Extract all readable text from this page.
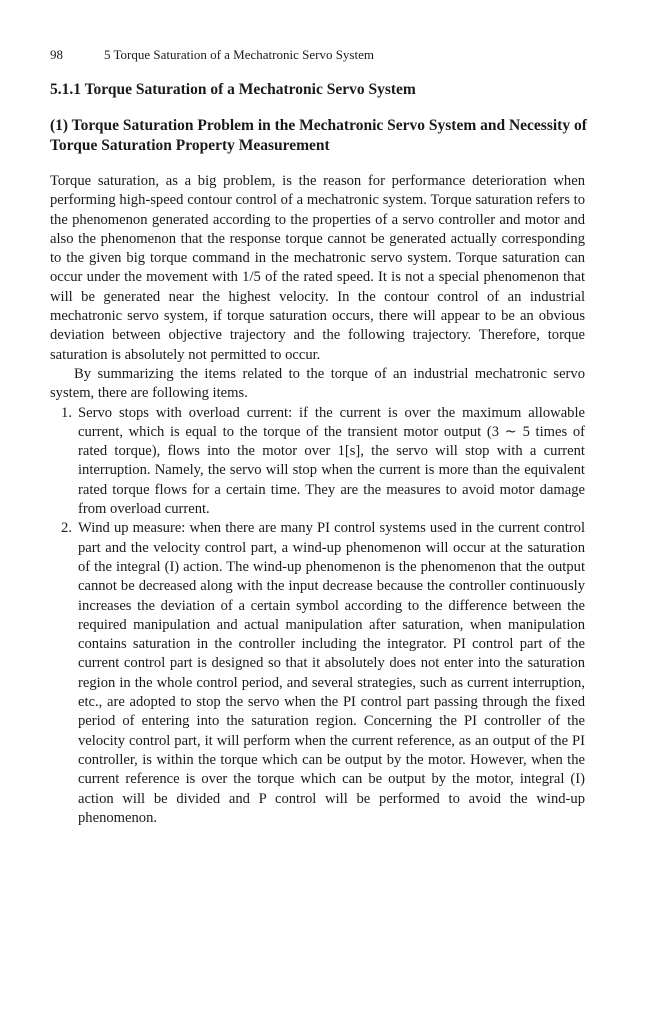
98	5 Torque Saturation of a Mechatronic Servo System
5.1.1 Torque Saturation of a Mechatronic Servo System
(1) Torque Saturation Problem in the Mechatronic Servo System and Necessity of Torque Saturation Property Measurement

Torque saturation, as a big problem, is the reason for performance deterioration when performing high-speed contour control of a mechatronic system. Torque saturation refers to the phenomenon generated according to the properties of a servo controller and motor and also the phenomenon that the response torque cannot be generated actually corresponding to the given big torque command in the mechatronic servo system. Torque saturation can occur under the movement with 1/5 of the rated speed. It is not a special phenomenon that will be generated near the highest velocity. In the contour control of an industrial mechatronic servo system, if torque saturation occurs, there will appear to be an obvious deviation between objective trajectory and the following trajectory. Therefore, torque saturation is absolutely not permitted to occur.

By summarizing the items related to the torque of an industrial mechatronic servo system, there are following items.

1. Servo stops with overload current: if the current is over the maximum allowable current, which is equal to the torque of the transient motor output (3 ∼ 5 times of rated torque), flows into the motor over 1[s], the servo will stop with a current interruption. Namely, the servo will stop when the current is more than the equivalent rated torque flows for a certain time. They are the measures to avoid motor damage from overload current.
2. Wind up measure: when there are many PI control systems used in the current control part and the velocity control part, a wind-up phenomenon will occur at the saturation of the integral (I) action. The wind-up phenomenon is the phenomenon that the output cannot be decreased along with the input decrease because the controller continuously increases the deviation of a certain symbol according to the difference between the required manipulation and actual manipulation after saturation, when manipulation contains saturation in the controller including the integrator. PI control part of the current control part is designed so that it absolutely does not enter into the saturation region in the whole control period, and several strategies, such as current interruption, etc., are adopted to stop the servo when the PI control part passing through the fixed period of entering into the saturation region. Concerning the PI controller of the velocity control part, it will perform when the current reference, as an output of the PI controller, is within the torque which can be output by the motor. However, when the current reference is over the torque which can be output by the motor, integral (I) action will be divided and P control will be performed to avoid the wind-up phenomenon.
